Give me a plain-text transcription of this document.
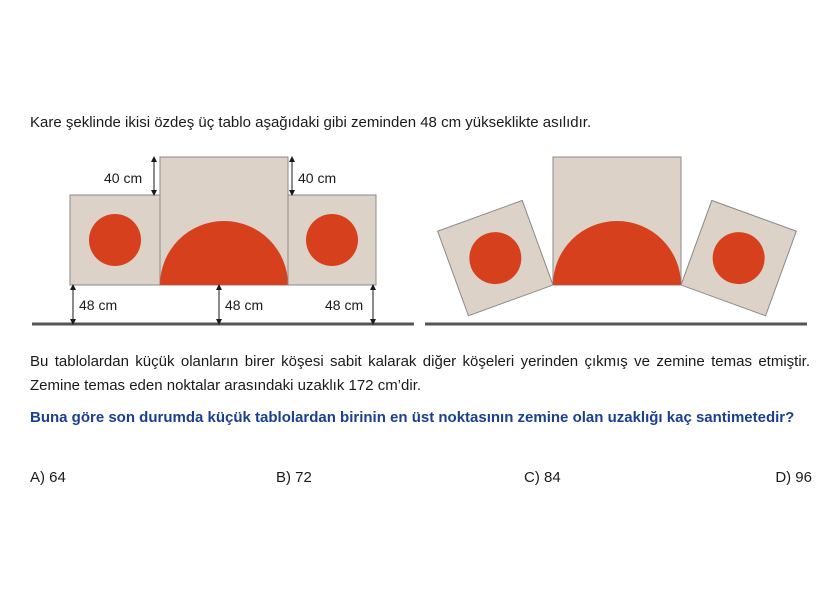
Kare şeklinde ikisi özdeş üç tablo aşağıdaki gibi zeminden 48 cm yükseklikte asılıdır.

40 cm	40 cm
48 cm	48 cm	48 cm

Bu tablolardan küçük olanların birer köşesi sabit kalarak diğer köşeleri yerinden çıkmış ve zemine temas etmiştir. Zemine temas eden noktalar arasındaki uzaklık 172 cm’dir.

Buna göre son durumda küçük tablolardan birinin en üst noktasının zemine olan uzaklığı kaç santimetedir?

A) 64	B) 72	C) 84	D) 96
